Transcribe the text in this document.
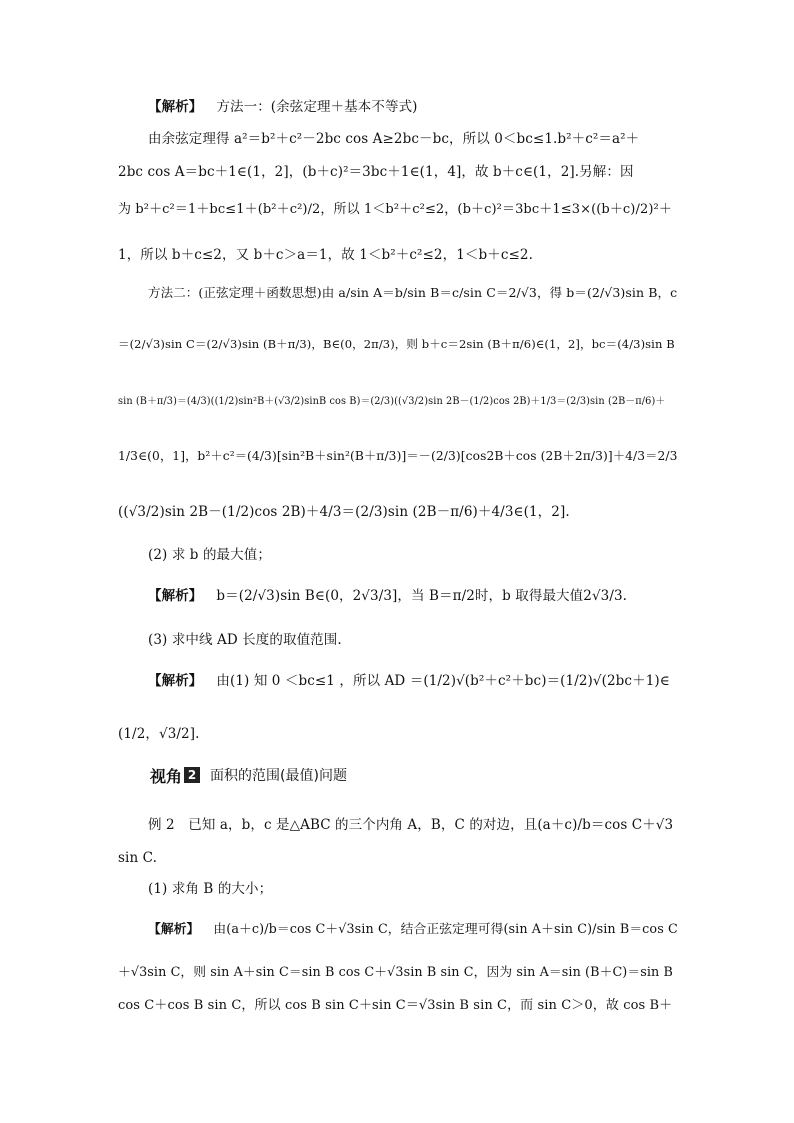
【解析】 方法一：(余弦定理＋基本不等式)
由余弦定理得 a²＝b²＋c²－2bc cos A≥2bc－bc，所以 0＜bc≤1.b²＋c²＝a²＋
2bc cos A＝bc＋1∈(1，2]，(b＋c)²＝3bc＋1∈(1，4]，故 b＋c∈(1，2].另解：因
为 b²＋c²＝1＋bc≤1＋(b²＋c²)/2，所以 1＜b²＋c²≤2，(b＋c)²＝3bc＋1≤3×((b＋c)/2)²＋
1，所以 b＋c≤2，又 b＋c＞a＝1，故 1＜b²＋c²≤2，1＜b＋c≤2.
方法二：(正弦定理＋函数思想)由 a/sin A＝b/sin B＝c/sin C＝2/√3，得 b＝(2/√3)sin B，c
＝(2/√3)sin C＝(2/√3)sin (B＋π/3)，B∈(0，2π/3)，则 b＋c＝2sin (B＋π/6)∈(1，2]，bc＝(4/3)sin B
sin (B＋π/3)＝(4/3)((1/2)sin²B＋(√3/2)sinB cos B)＝(2/3)((√3/2)sin 2B－(1/2)cos 2B)＋1/3＝(2/3)sin (2B－π/6)＋
1/3∈(0，1]，b²＋c²＝(4/3)[sin²B＋sin²(B＋π/3)]＝－(2/3)[cos2B＋cos (2B＋2π/3)]＋4/3＝2/3
((√3/2)sin 2B－(1/2)cos 2B)＋4/3＝(2/3)sin (2B－π/6)＋4/3∈(1，2].
(2) 求 b 的最大值；
【解析】 b＝(2/√3)sin B∈(0，2√3/3]，当 B＝π/2时，b 取得最大值2√3/3.
(3) 求中线 AD 长度的取值范围.
【解析】 由(1) 知 0 ＜bc≤1 ，所以 AD ＝(1/2)√(b²＋c²＋bc)＝(1/2)√(2bc＋1)∈
(1/2，√3/2].
视角 2 面积的范围(最值)问题
例 2　已知 a，b，c 是△ABC 的三个内角 A，B，C 的对边，且(a＋c)/b＝cos C＋√3
sin C.
(1) 求角 B 的大小；
【解析】 由(a＋c)/b＝cos C＋√3sin C，结合正弦定理可得(sin A＋sin C)/sin B＝cos C
＋√3sin C，则 sin A＋sin C＝sin B cos C＋√3sin B sin C，因为 sin A＝sin (B＋C)＝sin B
cos C＋cos B sin C，所以 cos B sin C＋sin C＝√3sin B sin C，而 sin C＞0，故 cos B＋
